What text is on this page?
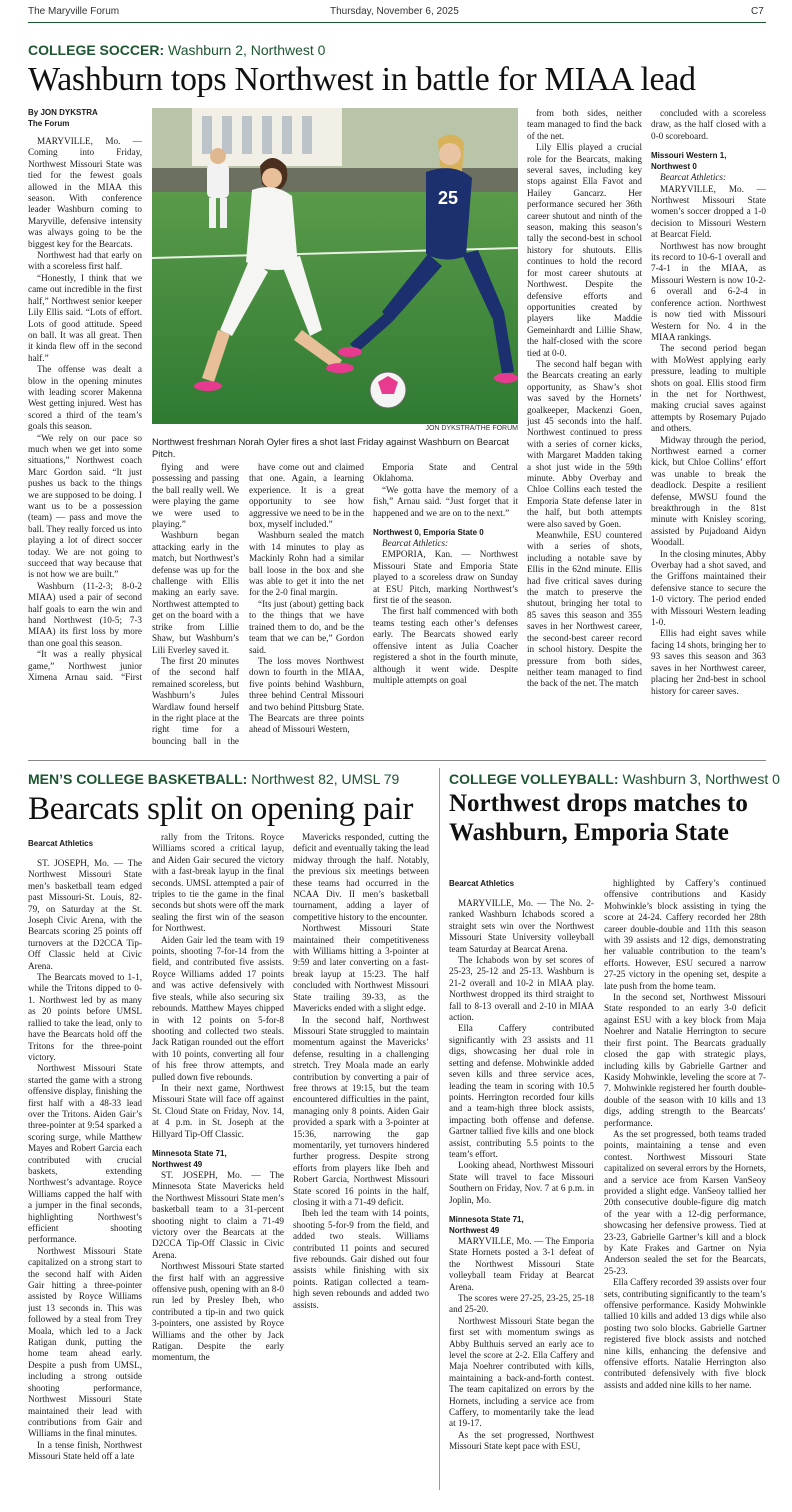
The Maryville Forum	Thursday, November 6, 2025	C7
COLLEGE SOCCER: Washburn 2, Northwest 0
Washburn tops Northwest in battle for MIAA lead
By JON DYKSTRA
The Forum

MARYVILLE, Mo. — Coming into Friday, Northwest Missouri State was tied for the fewest goals allowed in the MIAA this season. With conference leader Washburn coming to Maryville, defensive intensity was always going to be the biggest key for the Bearcats.

Northwest had that early on with a scoreless first half.

“Honestly, I think that we came out incredible in the first half,” Northwest senior keeper Lily Ellis said. “Lots of effort. Lots of good attitude. Speed on ball. It was all great. Then it kinda flew off in the second half.”

The offense was dealt a blow in the opening minutes with leading scorer Makenna West getting injured. West has scored a third of the team’s goals this season.

“We rely on our pace so much when we get into some situations,” Northwest coach Marc Gordon said. “It just pushes us back to the things we are supposed to be doing. I want us to be a possession (team) — pass and move the ball. They really forced us into playing a lot of direct soccer today. We are not going to succeed that way because that is not how we are built.”

Washburn (11-2-3; 8-0-2 MIAA) used a pair of second half goals to earn the win and hand Northwest (10-5; 7-3 MIAA) its first loss by more than one goal this season.

“It was a really physical game,” Northwest junior Ximena Arnau said. “First

25
JON DYKSTRA/THE FORUM
Northwest freshman Norah Oyler fires a shot last Friday against Washburn on Bearcat Pitch.

flying and were possessing and passing the ball really well. We were playing the game we were used to playing.”

Washburn began attacking early in the match, but Northwest’s defense was up for the challenge with Ellis making an early save. Northwest attempted to get on the board with a strike from Lillie Shaw, but Washburn’s Lili Everley saved it.

The first 20 minutes of the second half remained scoreless, but Washburn’s Jules Wardlaw found herself in the right place at the right time for a bouncing ball in the

have come out and claimed that one. Again, a learning experience. It is a great opportunity to see how aggressive we need to be in the box, myself included.”

Washburn sealed the match with 14 minutes to play as Mackinly Rohn had a similar ball loose in the box and she was able to get it into the net for the 2-0 final margin.

“Its just (about) getting back to the things that we have trained them to do, and be the team that we can be,” Gordon said.

The loss moves Northwest down to fourth in the MIAA, five points behind Washburn, three behind Central Missouri and two behind Pittsburg State. The Bearcats are three points ahead of Missouri Western,

Emporia State and Central Oklahoma.

“We gotta have the memory of a fish,” Arnau said. “Just forget that it happened and we are on to the next.”

Northwest 0, Emporia State 0

Bearcat Athletics:

EMPORIA, Kan. — Northwest Missouri State and Emporia State played to a scoreless draw on Sunday at ESU Pitch, marking Northwest’s first tie of the season.

The first half commenced with both teams testing each other’s defenses early. The Bearcats showed early offensive intent as Julia Coacher registered a shot in the fourth minute, although it went wide. Despite multiple attempts on goal

from both sides, neither team managed to find the back of the net.

Lily Ellis played a crucial role for the Bearcats, making several saves, including key stops against Ella Favot and Hailey Gancarz. Her performance secured her 36th career shutout and ninth of the season, making this season’s tally the second-best in school history for shutouts. Ellis continues to hold the record for most career shutouts at Northwest. Despite the defensive efforts and opportunities created by players like Maddie Gemeinhardt and Lillie Shaw, the half-closed with the score tied at 0-0.

The second half began with the Bearcats creating an early opportunity, as Shaw’s shot was saved by the Hornets’ goalkeeper, Mackenzi Goen, just 45 seconds into the half. Northwest continued to press with a series of corner kicks, with Margaret Madden taking a shot just wide in the 59th minute. Abby Overbay and Chloe Collins each tested the Emporia State defense later in the half, but both attempts were also saved by Goen.

Meanwhile, ESU countered with a series of shots, including a notable save by Ellis in the 62nd minute. Ellis had five critical saves during the match to preserve the shutout, bringing her total to 85 saves this season and 355 saves in her Northwest career, the second-best career record in school history. Despite the pressure from both sides, neither team managed to find the back of the net. The match

concluded with a scoreless draw, as the half closed with a 0-0 scoreboard.

Missouri Western 1,
Northwest 0

Bearcat Athletics:

MARYVILLE, Mo. — Northwest Missouri State women’s soccer dropped a 1-0 decision to Missouri Western at Bearcat Field.

Northwest has now brought its record to 10-6-1 overall and 7-4-1 in the MIAA, as Missouri Western is now 10-2-6 overall and 6-2-4 in conference action. Northwest is now tied with Missouri Western for No. 4 in the MIAA rankings.

The second period began with MoWest applying early pressure, leading to multiple shots on goal. Ellis stood firm in the net for Northwest, making crucial saves against attempts by Rosemary Pujado and others.

Midway through the period, Northwest earned a corner kick, but Chloe Collins’ effort was unable to break the deadlock. Despite a resilient defense, MWSU found the breakthrough in the 81st minute with Knisley scoring, assisted by Pujadoand Aidyn Woodall.

In the closing minutes, Abby Overbay had a shot saved, and the Griffons maintained their defensive stance to secure the 1-0 victory. The period ended with Missouri Western leading 1-0.

Ellis had eight saves while facing 14 shots, bringing her to 93 saves this season and 363 saves in her Northwest career, placing her 2nd-best in school history for career saves.

MEN’S COLLEGE BASKETBALL: Northwest 82, UMSL 79
Bearcats split on opening pair
Bearcat Athletics

ST. JOSEPH, Mo. — The Northwest Missouri State men’s basketball team edged past Missouri-St. Louis, 82-79, on Saturday at the St. Joseph Civic Arena, with the Bearcats scoring 25 points off turnovers at the D2CCA Tip-Off Classic held at Civic Arena.

The Bearcats moved to 1-1, while the Tritons dipped to 0-1. Northwest led by as many as 20 points before UMSL rallied to take the lead, only to have the Bearcats hold off the Tritons for the three-point victory.

Northwest Missouri State started the game with a strong offensive display, finishing the first half with a 48-33 lead over the Tritons. Aiden Gair’s three-pointer at 9:54 sparked a scoring surge, while Matthew Mayes and Robert Garcia each contributed with crucial baskets, extending Northwest’s advantage. Royce Williams capped the half with a jumper in the final seconds, highlighting Northwest’s efficient shooting performance.

Northwest Missouri State capitalized on a strong start to the second half with Aiden Gair hitting a three-pointer assisted by Royce Williams just 13 seconds in. This was followed by a steal from Trey Moala, which led to a Jack Ratigan dunk, putting the home team ahead early. Despite a push from UMSL, including a strong outside shooting performance, Northwest Missouri State maintained their lead with contributions from Gair and Williams in the final minutes.

In a tense finish, Northwest Missouri State held off a late

rally from the Tritons. Royce Williams scored a critical layup, and Aiden Gair secured the victory with a fast-break layup in the final seconds. UMSL attempted a pair of triples to tie the game in the final seconds but shots were off the mark sealing the first win of the season for Northwest.

Aiden Gair led the team with 19 points, shooting 7-for-14 from the field, and contributed five assists. Royce Williams added 17 points and was active defensively with five steals, while also securing six rebounds. Matthew Mayes chipped in with 12 points on 5-for-8 shooting and collected two steals. Jack Ratigan rounded out the effort with 10 points, converting all four of his free throw attempts, and pulled down five rebounds.

In their next game, Northwest Missouri State will face off against St. Cloud State on Friday, Nov. 14, at 4 p.m. in St. Joseph at the Hillyard Tip-Off Classic.

Minnesota State 71,
Northwest 49

ST. JOSEPH, Mo. — The Minnesota State Mavericks held the Northwest Missouri State men’s basketball team to a 31-percent shooting night to claim a 71-49 victory over the Bearcats at the D2CCA Tip-Off Classic in Civic Arena.

Northwest Missouri State started the first half with an aggressive offensive push, opening with an 8-0 run led by Presley Ibeh, who contributed a tip-in and two quick 3-pointers, one assisted by Royce Williams and the other by Jack Ratigan. Despite the early momentum, the

Mavericks responded, cutting the deficit and eventually taking the lead midway through the half. Notably, the previous six meetings between these teams had occurred in the NCAA Div. II men’s basketball tournament, adding a layer of competitive history to the encounter.

Northwest Missouri State maintained their competitiveness with Williams hitting a 3-pointer at 9:59 and later converting on a fast-break layup at 15:23. The half concluded with Northwest Missouri State trailing 39-33, as the Mavericks ended with a slight edge.

In the second half, Northwest Missouri State struggled to maintain momentum against the Mavericks’ defense, resulting in a challenging stretch. Trey Moala made an early contribution by converting a pair of free throws at 19:15, but the team encountered difficulties in the paint, managing only 8 points. Aiden Gair provided a spark with a 3-pointer at 15:36, narrowing the gap momentarily, yet turnovers hindered further progress. Despite strong efforts from players like Ibeh and Robert Garcia, Northwest Missouri State scored 16 points in the half, closing it with a 71-49 deficit.

Ibeh led the team with 14 points, shooting 5-for-9 from the field, and added two steals. Williams contributed 11 points and secured five rebounds. Gair dished out four assists while finishing with six points. Ratigan collected a team-high seven rebounds and added two assists.

COLLEGE VOLLEYBALL: Washburn 3, Northwest 0
Northwest drops matches to
Washburn, Emporia State
Bearcat Athletics

MARYVILLE, Mo. — The No. 2-ranked Washburn Ichabods scored a straight sets win over the Northwest Missouri State University volleyball team Saturday at Bearcat Arena.

The Ichabods won by set scores of 25-23, 25-12 and 25-13. Washburn is 21-2 overall and 10-2 in MIAA play. Northwest dropped its third straight to fall to 8-13 overall and 2-10 in MIAA action.

Ella Caffery contributed significantly with 23 assists and 11 digs, showcasing her dual role in setting and defense. Mohwinkle added seven kills and three service aces, leading the team in scoring with 10.5 points. Herrington recorded four kills and a team-high three block assists, impacting both offense and defense. Gartner tallied five kills and one block assist, contributing 5.5 points to the team’s effort.

Looking ahead, Northwest Missouri State will travel to face Missouri Southern on Friday, Nov. 7 at 6 p.m. in Joplin, Mo.

Minnesota State 71,
Northwest 49

MARYVILLE, Mo. — The Emporia State Hornets posted a 3-1 defeat of the Northwest Missouri State volleyball team Friday at Bearcat Arena.

The scores were 27-25, 23-25, 25-18 and 25-20.

Northwest Missouri State began the first set with momentum swings as Abby Bulthuis served an early ace to level the score at 2-2. Ella Caffery and Maja Noehrer contributed with kills, maintaining a back-and-forth contest. The team capitalized on errors by the Hornets, including a service ace from Caffery, to momentarily take the lead at 19-17.

As the set progressed, Northwest Missouri State kept pace with ESU,

highlighted by Caffery’s continued offensive contributions and Kasidy Mohwinkle’s block assisting in tying the score at 24-24. Caffery recorded her 28th career double-double and 11th this season with 39 assists and 12 digs, demonstrating her valuable contribution to the team’s efforts. However, ESU secured a narrow 27-25 victory in the opening set, despite a late push from the home team.

In the second set, Northwest Missouri State responded to an early 3-0 deficit against ESU with a key block from Maja Noehrer and Natalie Herrington to secure their first point. The Bearcats gradually closed the gap with strategic plays, including kills by Gabrielle Gartner and Kasidy Mohwinkle, leveling the score at 7-7. Mohwinkle registered her fourth double-double of the season with 10 kills and 13 digs, adding strength to the Bearcats’ performance.

As the set progressed, both teams traded points, maintaining a tense and even contest. Northwest Missouri State capitalized on several errors by the Hornets, and a service ace from Karsen VanSeoy provided a slight edge. VanSeoy tallied her 20th consecutive double-figure dig match of the year with a 12-dig performance, showcasing her defensive prowess. Tied at 23-23, Gabrielle Gartner’s kill and a block by Kate Frakes and Gartner on Nyia Anderson sealed the set for the Bearcats, 25-23.

Ella Caffery recorded 39 assists over four sets, contributing significantly to the team’s offensive performance. Kasidy Mohwinkle tallied 10 kills and added 13 digs while also posting two solo blocks. Gabrielle Gartner registered five block assists and notched nine kills, enhancing the defensive and offensive efforts. Natalie Herrington also contributed defensively with five block assists and added nine kills to her name.
